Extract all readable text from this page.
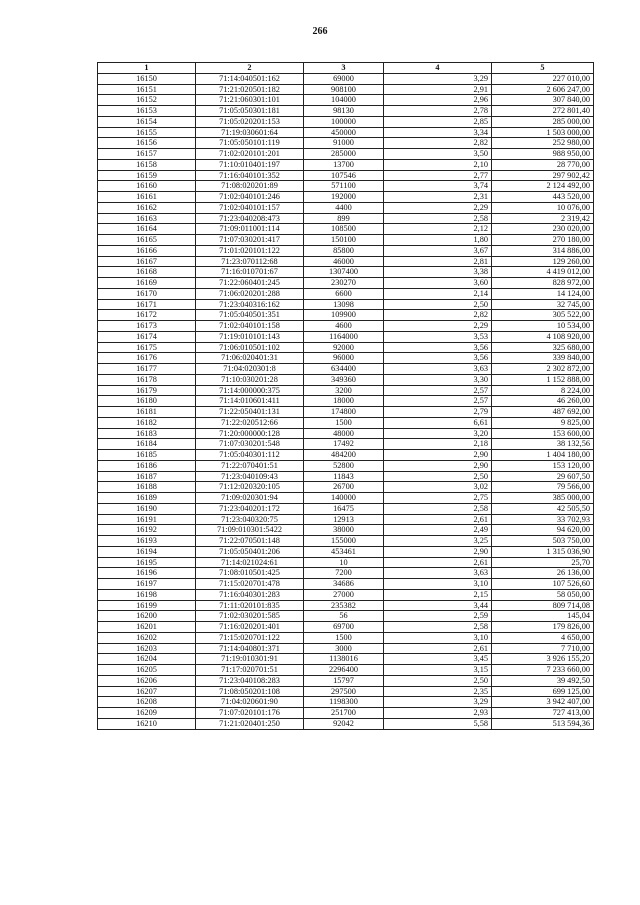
266
1	2	3	4	5
16150	71:14:040501:162	69000	3,29	227 010,00
16151	71:21:020501:182	908100	2,91	2 606 247,00
16152	71:21:060301:101	104000	2,96	307 840,00
16153	71:05:050301:181	98130	2,78	272 801,40
16154	71:05:020201:153	100000	2,85	285 000,00
16155	71:19:030601:64	450000	3,34	1 503 000,00
16156	71:05:050101:119	91000	2,82	252 980,00
16157	71:02:020101:201	285000	3,50	988 950,00
16158	71:10:010401:197	13700	2,10	28 770,00
16159	71:16:040101:352	107546	2,77	297 902,42
16160	71:08:020201:89	571100	3,74	2 124 492,00
16161	71:02:040101:246	192000	2,31	443 520,00
16162	71:02:040101:157	4400	2,29	10 076,00
16163	71:23:040208:473	899	2,58	2 319,42
16164	71:09:011001:114	108500	2,12	230 020,00
16165	71:07:030201:417	150100	1,80	270 180,00
16166	71:01:020101:122	85800	3,67	314 886,00
16167	71:23:070112:68	46000	2,81	129 260,00
16168	71:16:010701:67	1307400	3,38	4 419 012,00
16169	71:22:060401:245	230270	3,60	828 972,00
16170	71:06:020201:288	6600	2,14	14 124,00
16171	71:23:040316:162	13098	2,50	32 745,00
16172	71:05:040501:351	109900	2,82	305 522,00
16173	71:02:040101:158	4600	2,29	10 534,00
16174	71:19:010101:143	1164000	3,53	4 108 920,00
16175	71:06:010501:102	92000	3,56	325 680,00
16176	71:06:020401:31	96000	3,56	339 840,00
16177	71:04:020301:8	634400	3,63	2 302 872,00
16178	71:10:030201:28	349360	3,30	1 152 888,00
16179	71:14:000000:375	3200	2,57	8 224,00
16180	71:14:010601:411	18000	2,57	46 260,00
16181	71:22:050401:131	174800	2,79	487 692,00
16182	71:22:020512:66	1500	6,61	9 825,00
16183	71:20:000000:128	48000	3,20	153 600,00
16184	71:07:030201:548	17492	2,18	38 132,56
16185	71:05:040301:112	484200	2,90	1 404 180,00
16186	71:22:070401:51	52800	2,90	153 120,00
16187	71:23:040109:43	11843	2,50	29 607,50
16188	71:12:020320:105	26700	3,02	79 566,00
16189	71:09:020301:94	140000	2,75	385 000,00
16190	71:23:040201:172	16475	2,58	42 505,50
16191	71:23:040320:75	12913	2,61	33 702,93
16192	71:09:010301:5422	38000	2,49	94 620,00
16193	71:22:070501:148	155000	3,25	503 750,00
16194	71:05:050401:206	453461	2,90	1 315 036,90
16195	71:14:021024:61	10	2,61	25,70
16196	71:08:010501:425	7200	3,63	26 136,00
16197	71:15:020701:478	34686	3,10	107 526,60
16198	71:16:040301:283	27000	2,15	58 050,00
16199	71:11:020101:835	235382	3,44	809 714,08
16200	71:02:030201:585	56	2,59	145,04
16201	71:16:020201:401	69700	2,58	179 826,00
16202	71:15:020701:122	1500	3,10	4 650,00
16203	71:14:040801:371	3000	2,61	7 710,00
16204	71:19:010301:91	1138016	3,45	3 926 155,20
16205	71:17:020701:51	2296400	3,15	7 233 660,00
16206	71:23:040108:283	15797	2,50	39 492,50
16207	71:08:050201:108	297500	2,35	699 125,00
16208	71:04:020601:90	1198300	3,29	3 942 407,00
16209	71:07:020101:176	251700	2,93	727 413,00
16210	71:21:020401:250	92042	5,58	513 594,36
